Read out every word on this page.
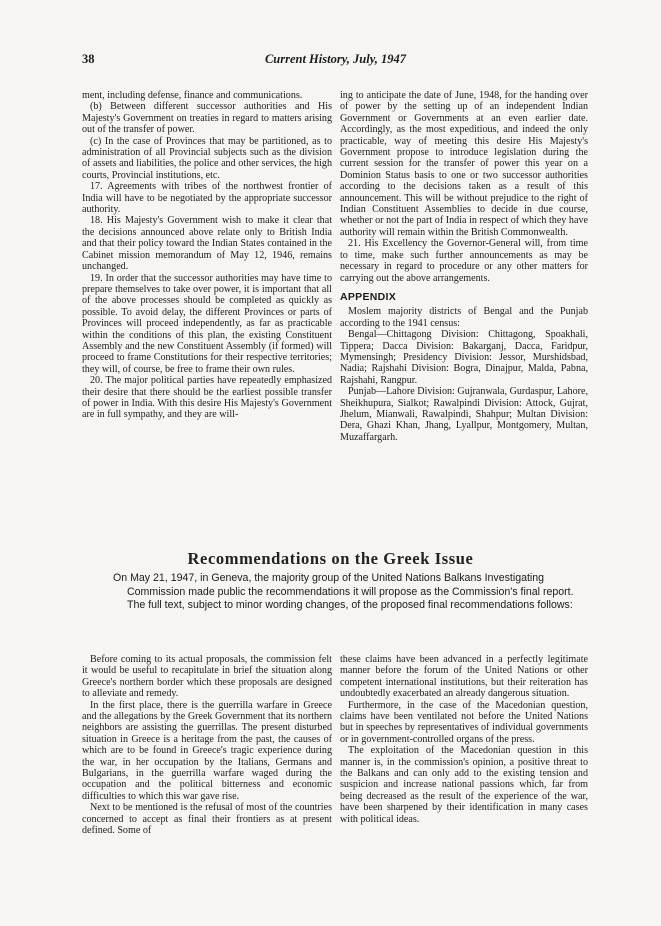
38	Current History, July, 1947

ment, including defense, finance and communications.

(b) Between different successor authorities and His Majesty's Government on treaties in regard to matters arising out of the transfer of power.

(c) In the case of Provinces that may be partitioned, as to administration of all Provincial subjects such as the division of assets and liabilities, the police and other services, the high courts, Provincial institutions, etc.

17. Agreements with tribes of the northwest frontier of India will have to be negotiated by the appropriate successor authority.

18. His Majesty's Government wish to make it clear that the decisions announced above relate only to British India and that their policy toward the Indian States contained in the Cabinet mission memorandum of May 12, 1946, remains unchanged.

19. In order that the successor authorities may have time to prepare themselves to take over power, it is important that all of the above processes should be completed as quickly as possible. To avoid delay, the different Provinces or parts of Provinces will proceed independently, as far as practicable within the conditions of this plan, the existing Constituent Assembly and the new Constituent Assembly (if formed) will proceed to frame Constitutions for their respective territories; they will, of course, be free to frame their own rules.

20. The major political parties have repeatedly emphasized their desire that there should be the earliest possible transfer of power in India. With this desire His Majesty's Government are in full sympathy, and they are will-

ing to anticipate the date of June, 1948, for the handing over of power by the setting up of an independent Indian Government or Governments at an even earlier date. Accordingly, as the most expeditious, and indeed the only practicable, way of meeting this desire His Majesty's Government propose to introduce legislation during the current session for the transfer of power this year on a Dominion Status basis to one or two successor authorities according to the decisions taken as a result of this announcement. This will be without prejudice to the right of Indian Constituent Assemblies to decide in due course, whether or not the part of India in respect of which they have authority will remain within the British Commonwealth.

21. His Excellency the Governor-General will, from time to time, make such further announcements as may be necessary in regard to procedure or any other matters for carrying out the above arrangements.

APPENDIX

Moslem majority districts of Bengal and the Punjab according to the 1941 census:

Bengal—Chittagong Division: Chittagong, Spoakhali, Tippera; Dacca Division: Bakarganj, Dacca, Faridpur, Mymensingh; Presidency Division: Jessor, Murshidsbad, Nadia; Rajshahi Division: Bogra, Dinajpur, Malda, Pabna, Rajshahi, Rangpur.

Punjab—Lahore Division: Gujranwala, Gurdaspur, Lahore, Sheikhupura, Sialkot; Rawalpindi Division: Attock, Gujrat, Jhelum, Mianwali, Rawalpindi, Shahpur; Multan Division: Dera, Ghazi Khan, Jhang, Lyallpur, Montgomery, Multan, Muzaffargarh.

Recommendations on the Greek Issue

On May 21, 1947, in Geneva, the majority group of the United Nations Balkans Investigating Commission made public the recommendations it will propose as the Commission's final report. The full text, subject to minor wording changes, of the proposed final recommendations follows:

Before coming to its actual proposals, the commission felt it would be useful to recapitulate in brief the situation along Greece's northern border which these proposals are designed to alleviate and remedy.

In the first place, there is the guerrilla warfare in Greece and the allegations by the Greek Government that its northern neighbors are assisting the guerrillas. The present disturbed situation in Greece is a heritage from the past, the causes of which are to be found in Greece's tragic experience during the war, in her occupation by the Italians, Germans and Bulgarians, in the guerrilla warfare waged during the occupation and the political bitterness and economic difficulties to which this war gave rise.

Next to be mentioned is the refusal of most of the countries concerned to accept as final their frontiers as at present defined. Some of

these claims have been advanced in a perfectly legitimate manner before the forum of the United Nations or other competent international institutions, but their reiteration has undoubtedly exacerbated an already dangerous situation.

Furthermore, in the case of the Macedonian question, claims have been ventilated not before the United Nations but in speeches by representatives of individual governments or in government-controlled organs of the press.

The exploitation of the Macedonian question in this manner is, in the commission's opinion, a positive threat to the Balkans and can only add to the existing tension and suspicion and increase national passions which, far from being decreased as the result of the experience of the war, have been sharpened by their identification in many cases with political ideas.
